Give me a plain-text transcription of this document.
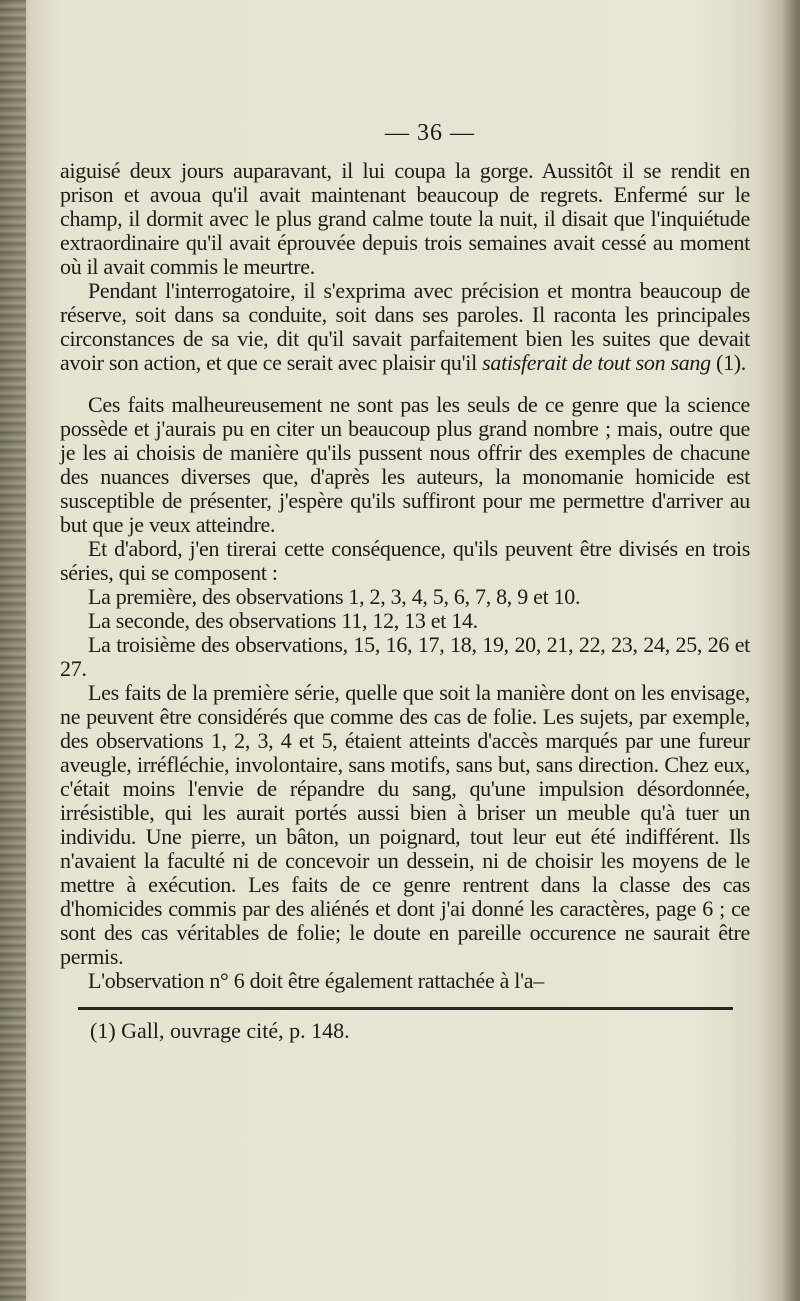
— 36 —

aiguisé deux jours auparavant, il lui coupa la gorge. Aussitôt il se rendit en prison et avoua qu'il avait maintenant beaucoup de regrets. Enfermé sur le champ, il dormit avec le plus grand calme toute la nuit, il disait que l'inquiétude extraordinaire qu'il avait éprouvée depuis trois semaines avait cessé au moment où il avait commis le meurtre.

Pendant l'interrogatoire, il s'exprima avec précision et montra beaucoup de réserve, soit dans sa conduite, soit dans ses paroles. Il raconta les principales circonstances de sa vie, dit qu'il savait parfaitement bien les suites que devait avoir son action, et que ce serait avec plaisir qu'il satisferait de tout son sang (1).

Ces faits malheureusement ne sont pas les seuls de ce genre que la science possède et j'aurais pu en citer un beaucoup plus grand nombre ; mais, outre que je les ai choisis de manière qu'ils pussent nous offrir des exemples de chacune des nuances diverses que, d'après les auteurs, la monomanie homicide est susceptible de présenter, j'espère qu'ils suffiront pour me permettre d'arriver au but que je veux atteindre.

Et d'abord, j'en tirerai cette conséquence, qu'ils peuvent être divisés en trois séries, qui se composent :

La première, des observations 1, 2, 3, 4, 5, 6, 7, 8, 9 et 10.

La seconde, des observations 11, 12, 13 et 14.

La troisième des observations, 15, 16, 17, 18, 19, 20, 21, 22, 23, 24, 25, 26 et 27.

Les faits de la première série, quelle que soit la manière dont on les envisage, ne peuvent être considérés que comme des cas de folie. Les sujets, par exemple, des observations 1, 2, 3, 4 et 5, étaient atteints d'accès marqués par une fureur aveugle, irréfléchie, involontaire, sans motifs, sans but, sans direction. Chez eux, c'était moins l'envie de répandre du sang, qu'une impulsion désordonnée, irrésistible, qui les aurait portés aussi bien à briser un meuble qu'à tuer un individu. Une pierre, un bâton, un poignard, tout leur eut été indifférent. Ils n'avaient la faculté ni de concevoir un dessein, ni de choisir les moyens de le mettre à exécution. Les faits de ce genre rentrent dans la classe des cas d'homicides commis par des aliénés et dont j'ai donné les caractères, page 6 ; ce sont des cas véritables de folie; le doute en pareille occurence ne saurait être permis.

L'observation n° 6 doit être également rattachée à l'a–

(1) Gall, ouvrage cité, p. 148.
